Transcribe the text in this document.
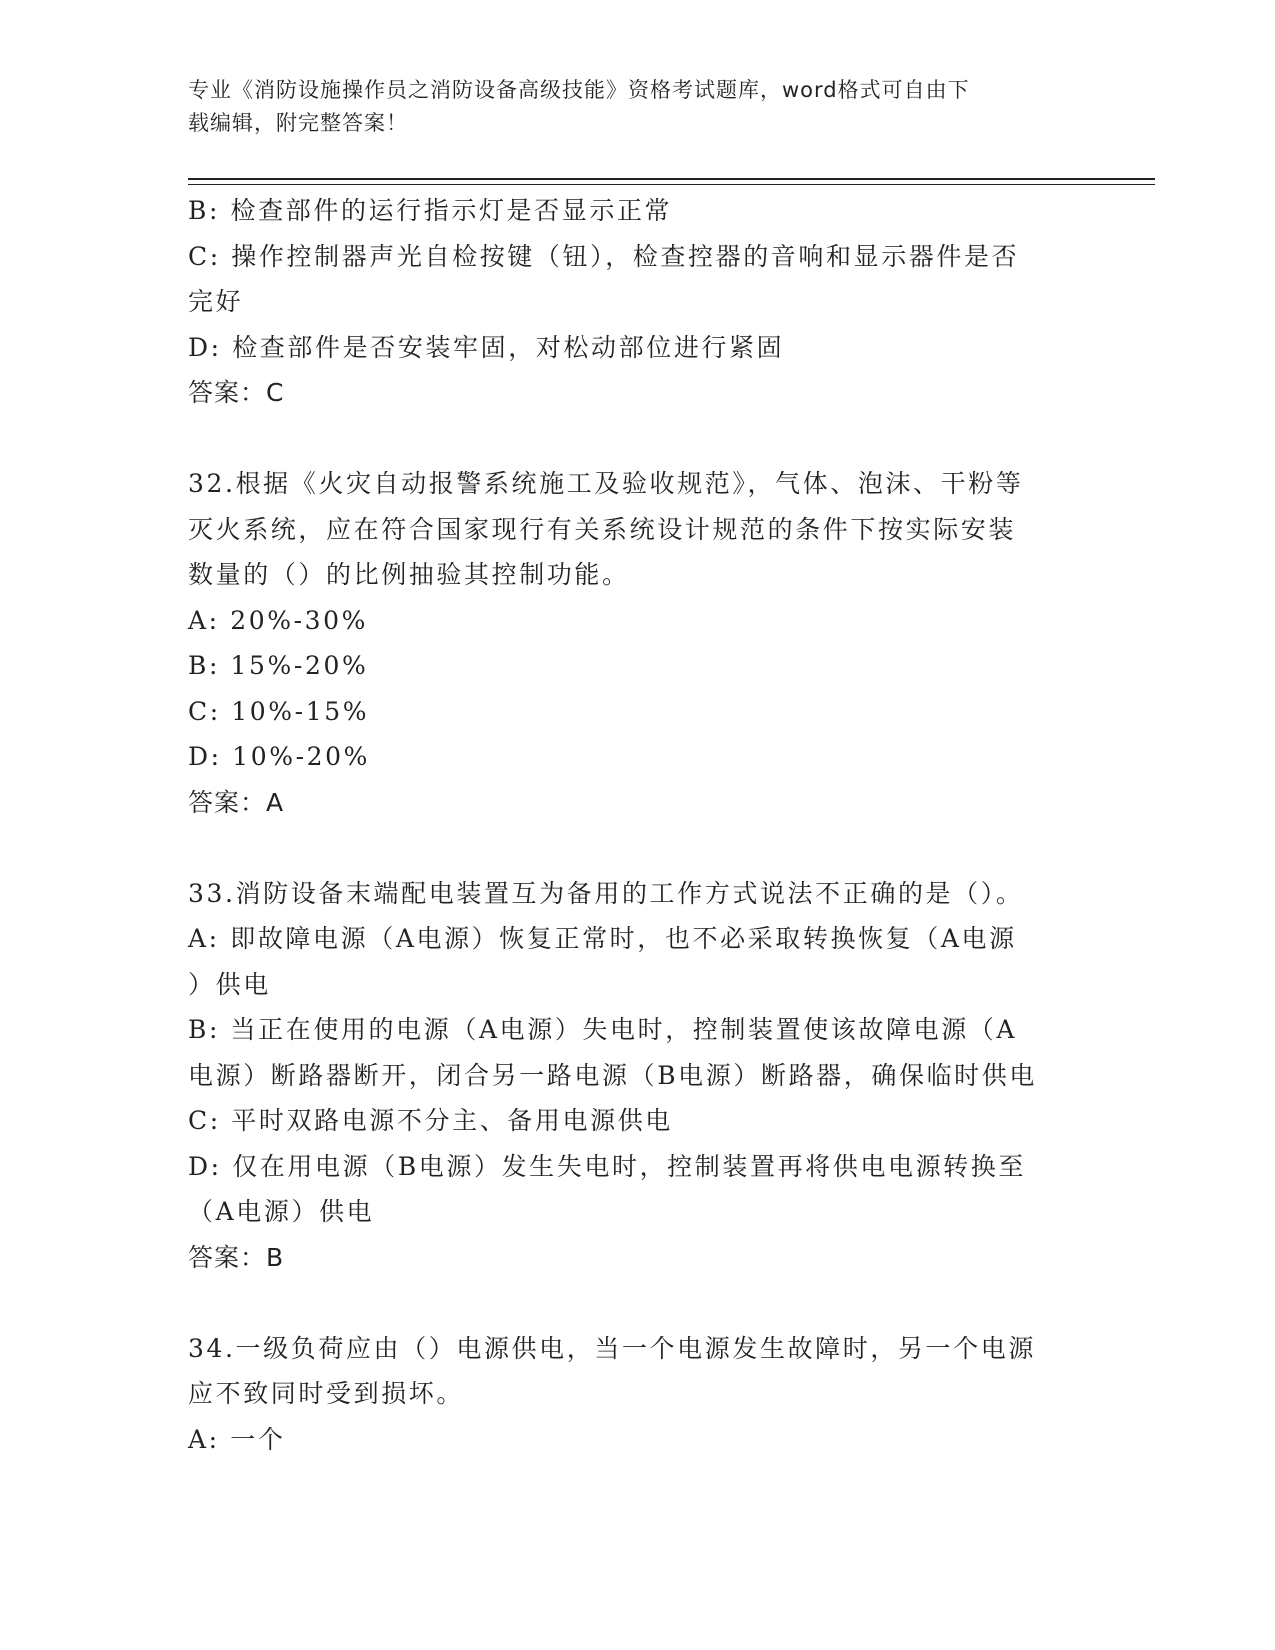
专业《消防设施操作员之消防设备高级技能》资格考试题库，word格式可自由下
载编辑，附完整答案！
B: 检查部件的运行指示灯是否显示正常
C: 操作控制器声光自检按键（钮），检查控器的音响和显示器件是否
完好
D: 检查部件是否安装牢固，对松动部位进行紧固
答案：C
32.根据《火灾自动报警系统施工及验收规范》，气体、泡沫、干粉等
灭火系统，应在符合国家现行有关系统设计规范的条件下按实际安装
数量的（）的比例抽验其控制功能。
A: 20%-30%
B: 15%-20%
C: 10%-15%
D: 10%-20%
答案：A
33.消防设备末端配电装置互为备用的工作方式说法不正确的是（）。
A: 即故障电源（A电源）恢复正常时，也不必采取转换恢复（A电源
）供电
B: 当正在使用的电源（A电源）失电时，控制装置使该故障电源（A
电源）断路器断开，闭合另一路电源（B电源）断路器，确保临时供电
C: 平时双路电源不分主、备用电源供电
D: 仅在用电源（B电源）发生失电时，控制装置再将供电电源转换至
（A电源）供电
答案：B
34.一级负荷应由（）电源供电，当一个电源发生故障时，另一个电源
应不致同时受到损坏。
A: 一个
